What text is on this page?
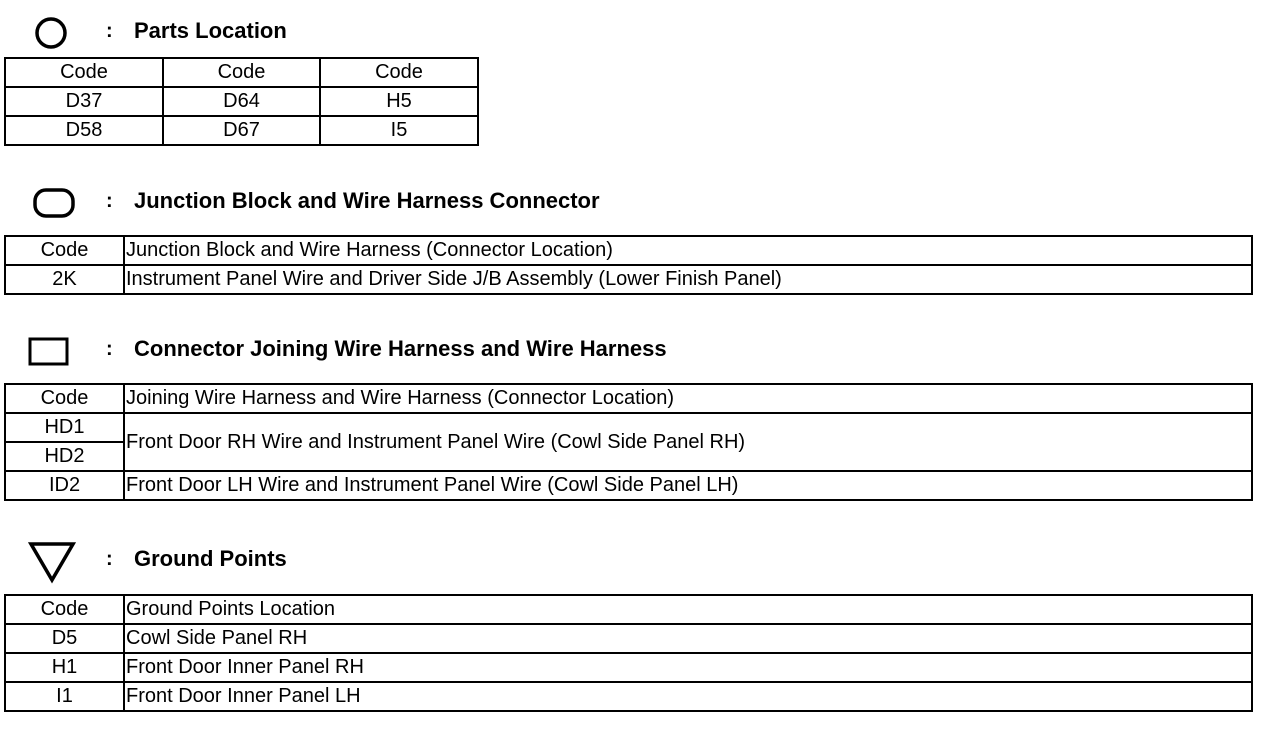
: Parts Location
Code	Code	Code
D37	D64	H5
D58	D67	I5
: Junction Block and Wire Harness Connector
Code	Junction Block and Wire Harness (Connector Location)
2K	Instrument Panel Wire and Driver Side J/B Assembly (Lower Finish Panel)
: Connector Joining Wire Harness and Wire Harness
Code	Joining Wire Harness and Wire Harness (Connector Location)
HD1	Front Door RH Wire and Instrument Panel Wire (Cowl Side Panel RH)
HD2	
ID2	Front Door LH Wire and Instrument Panel Wire (Cowl Side Panel LH)
: Ground Points
Code	Ground Points Location
D5	Cowl Side Panel RH
H1	Front Door Inner Panel RH
I1	Front Door Inner Panel LH
